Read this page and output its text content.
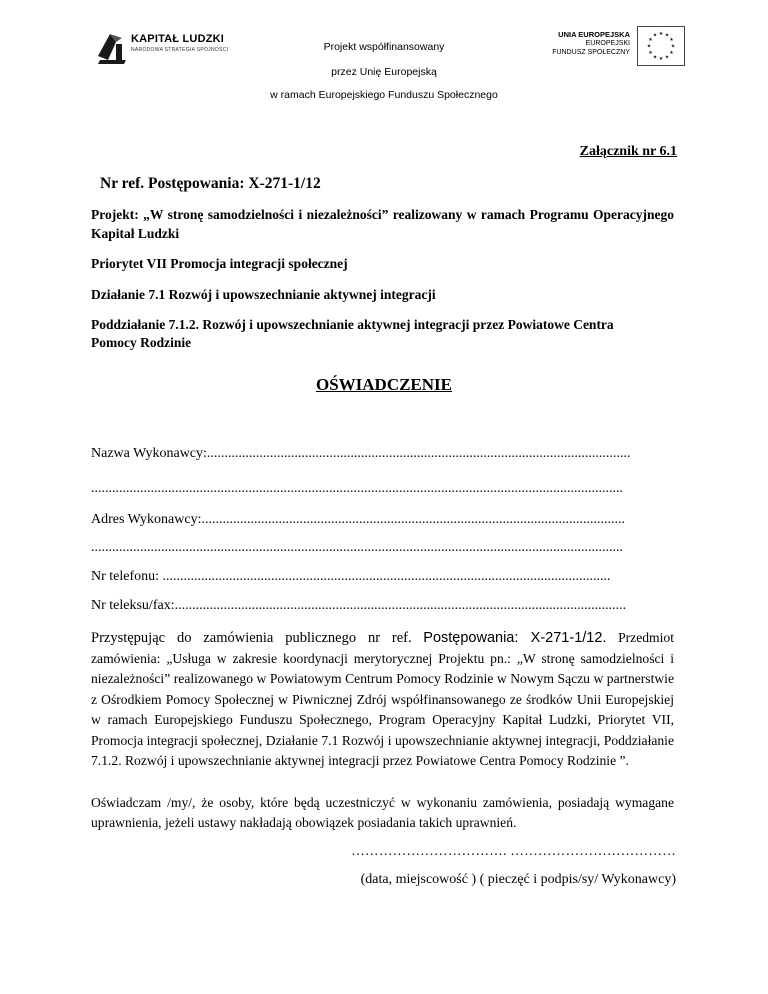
KAPITAŁ LUDZKI
NARODOWA STRATEGIA SPÓJNOŚCI	Projekt współfinansowany
przez Unię Europejską
w ramach Europejskiego Funduszu Społecznego
UNIA EUROPEJSKA
EUROPEJSKI
FUNDUSZ SPOŁECZNY
★ ★
★
★
★
★
★
★
★
★
★
★
Załącznik nr 6.1
Nr ref. Postępowania: X-271-1/12
Projekt: „W stronę samodzielności i niezależności” realizowany w ramach Programu Operacyjnego Kapitał Ludzki
Priorytet VII Promocja integracji społecznej
Działanie 7.1 Rozwój i upowszechnianie aktywnej integracji
Poddziałanie 7.1.2. Rozwój i upowszechnianie aktywnej integracji przez Powiatowe Centra Pomocy Rodzinie
OŚWIADCZENIE
Nazwa Wykonawcy:.........................................................................................................................
........................................................................................................................................................
Adres Wykonawcy:.........................................................................................................................
........................................................................................................................................................
Nr telefonu: ................................................................................................................................
Nr teleksu/fax:.................................................................................................................................
Przystępując do zamówienia publicznego nr ref. Postępowania: X-271-1/12. Przedmiot zamówienia: „Usługa w zakresie koordynacji merytorycznej Projektu pn.: „W stronę samodzielności i niezależności” realizowanego w Powiatowym Centrum Pomocy Rodzinie w Nowym Sączu w partnerstwie z Ośrodkiem Pomocy Społecznej w Piwnicznej Zdrój współfinansowanego ze środków Unii Europejskiej w ramach Europejskiego Funduszu Społecznego, Program Operacyjny Kapitał Ludzki, Priorytet VII, Promocja integracji społecznej, Działanie 7.1 Rozwój i upowszechnianie aktywnej integracji, Poddziałanie 7.1.2. Rozwój i upowszechnianie aktywnej integracji przez Powiatowe Centra Pomocy Rodzinie ”.
Oświadczam /my/, że osoby, które będą uczestniczyć w wykonaniu zamówienia, posiadają wymagane uprawnienia, jeżeli ustawy nakładają obowiązek posiadania takich uprawnień.
……………………………. ………………………………
(data, miejscowość ) ( pieczęć i podpis/sy/ Wykonawcy)
